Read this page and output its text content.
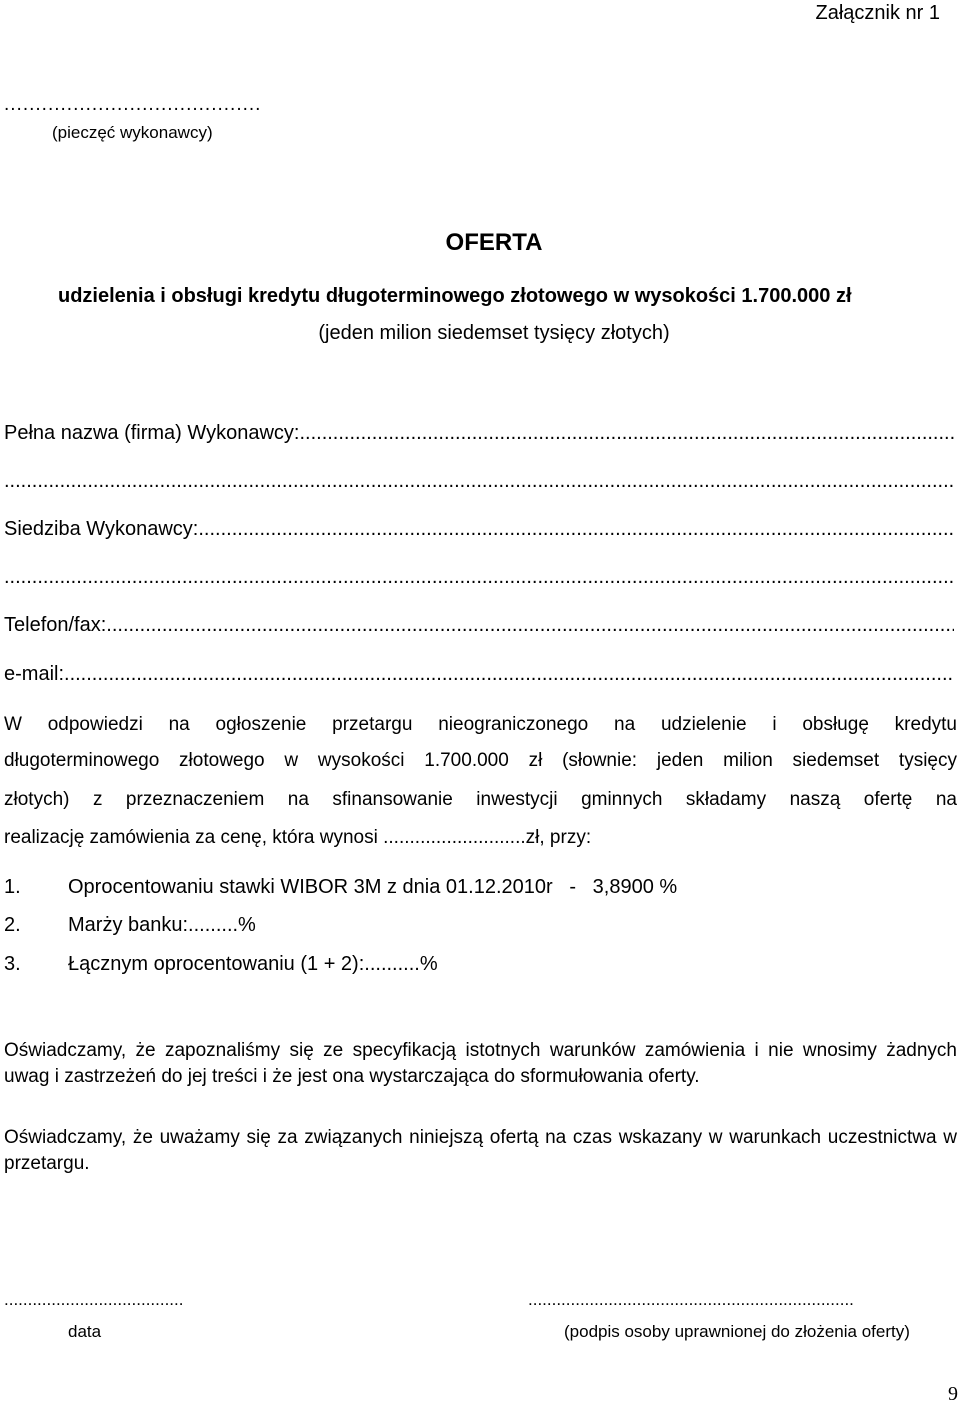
Załącznik nr 1
.........................................
(pieczęć wykonawcy)
OFERTA
udzielenia i obsługi kredytu długoterminowego złotowego w wysokości 1.700.000 zł
(jeden milion siedemset tysięcy złotych)
Pełna nazwa (firma) Wykonawcy:
.....
.....
Siedziba Wykonawcy:
.....
.....
Telefon/fax:
.....
e-mail:
.....
W odpowiedzi na ogłoszenie przetargu nieograniczonego na udzielenie i obsługę kredytu
długoterminowego złotowego w wysokości 1.700.000 zł (słownie: jeden milion siedemset tysięcy
złotych) z przeznaczeniem na sfinansowanie inwestycji gminnych składamy naszą ofertę na
realizację zamówienia za cenę, która wynosi ...........................zł, przy:
1. Oprocentowaniu stawki WIBOR 3M z dnia 01.12.2010r   -   3,8900 %
2. Marży banku:.........%
3. Łącznym oprocentowaniu (1 + 2):..........%
Oświadczamy, że zapoznaliśmy się ze specyfikacją istotnych warunków zamówienia i nie wnosimy żadnych uwag i zastrzeżeń do jej treści i że jest ona wystarczająca do sformułowania oferty.
Oświadczamy, że uważamy się za związanych niniejszą ofertą na czas wskazany w warunkach uczestnictwa w przetargu.
......................................	.....................................................................
data	(podpis osoby uprawnionej do złożenia oferty)
9
